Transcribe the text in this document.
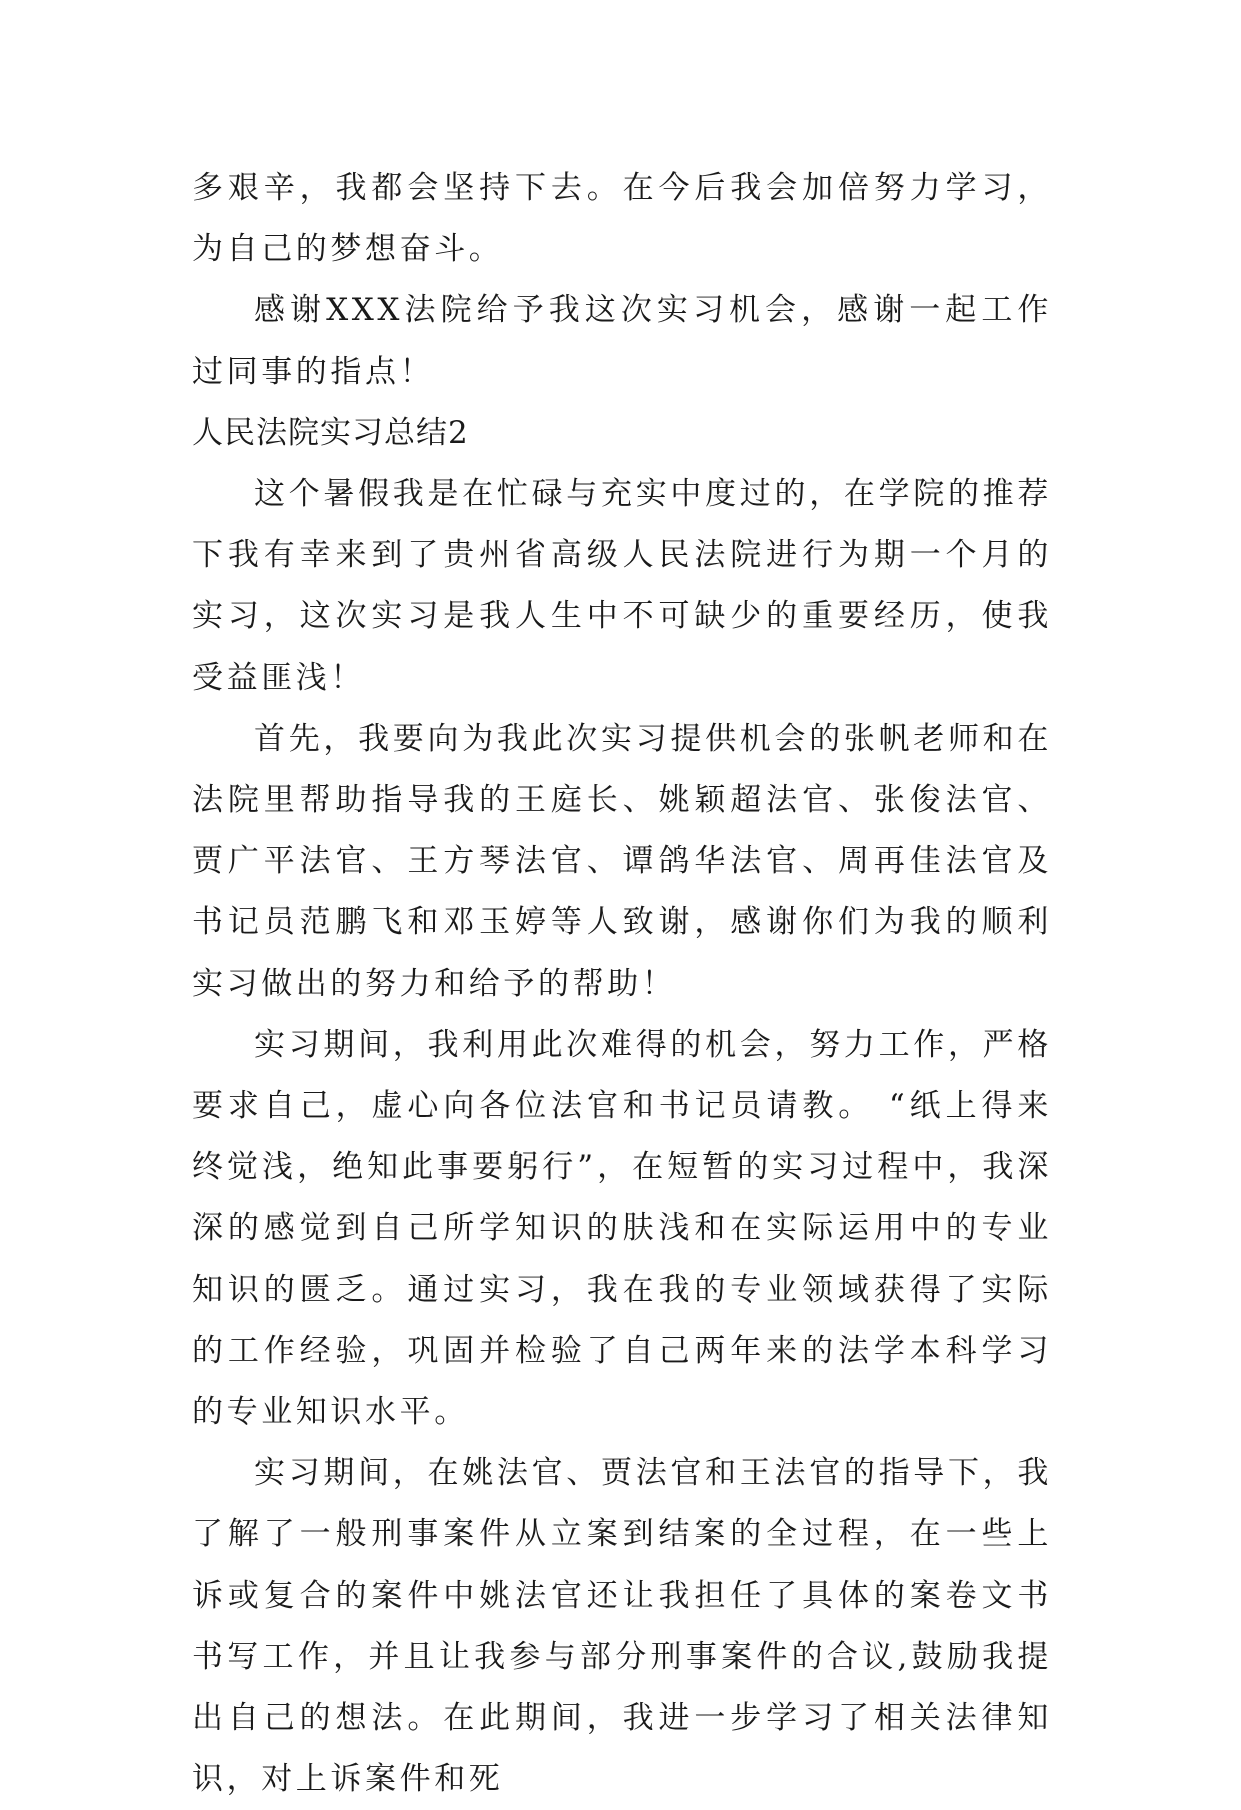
多艰辛，我都会坚持下去。在今后我会加倍努力学习，为自己的梦想奋斗。

感谢XXX法院给予我这次实习机会，感谢一起工作过同事的指点！

人民法院实习总结2

这个暑假我是在忙碌与充实中度过的，在学院的推荐下我有幸来到了贵州省高级人民法院进行为期一个月的实习，这次实习是我人生中不可缺少的重要经历，使我受益匪浅！

首先，我要向为我此次实习提供机会的张帆老师和在法院里帮助指导我的王庭长、姚颖超法官、张俊法官、贾广平法官、王方琴法官、谭鸽华法官、周再佳法官及书记员范鹏飞和邓玉婷等人致谢，感谢你们为我的顺利实习做出的努力和给予的帮助！

实习期间，我利用此次难得的机会，努力工作，严格要求自己，虚心向各位法官和书记员请教。 “纸上得来终觉浅，绝知此事要躬行”，在短暂的实习过程中，我深深的感觉到自己所学知识的肤浅和在实际运用中的专业知识的匮乏。通过实习，我在我的专业领域获得了实际的工作经验，巩固并检验了自己两年来的法学本科学习的专业知识水平。

实习期间，在姚法官、贾法官和王法官的指导下，我了解了一般刑事案件从立案到结案的全过程，在一些上诉或复合的案件中姚法官还让我担任了具体的案卷文书书写工作，并且让我参与部分刑事案件的合议,鼓励我提出自己的想法。在此期间，我进一步学习了相关法律知识，对上诉案件和死
